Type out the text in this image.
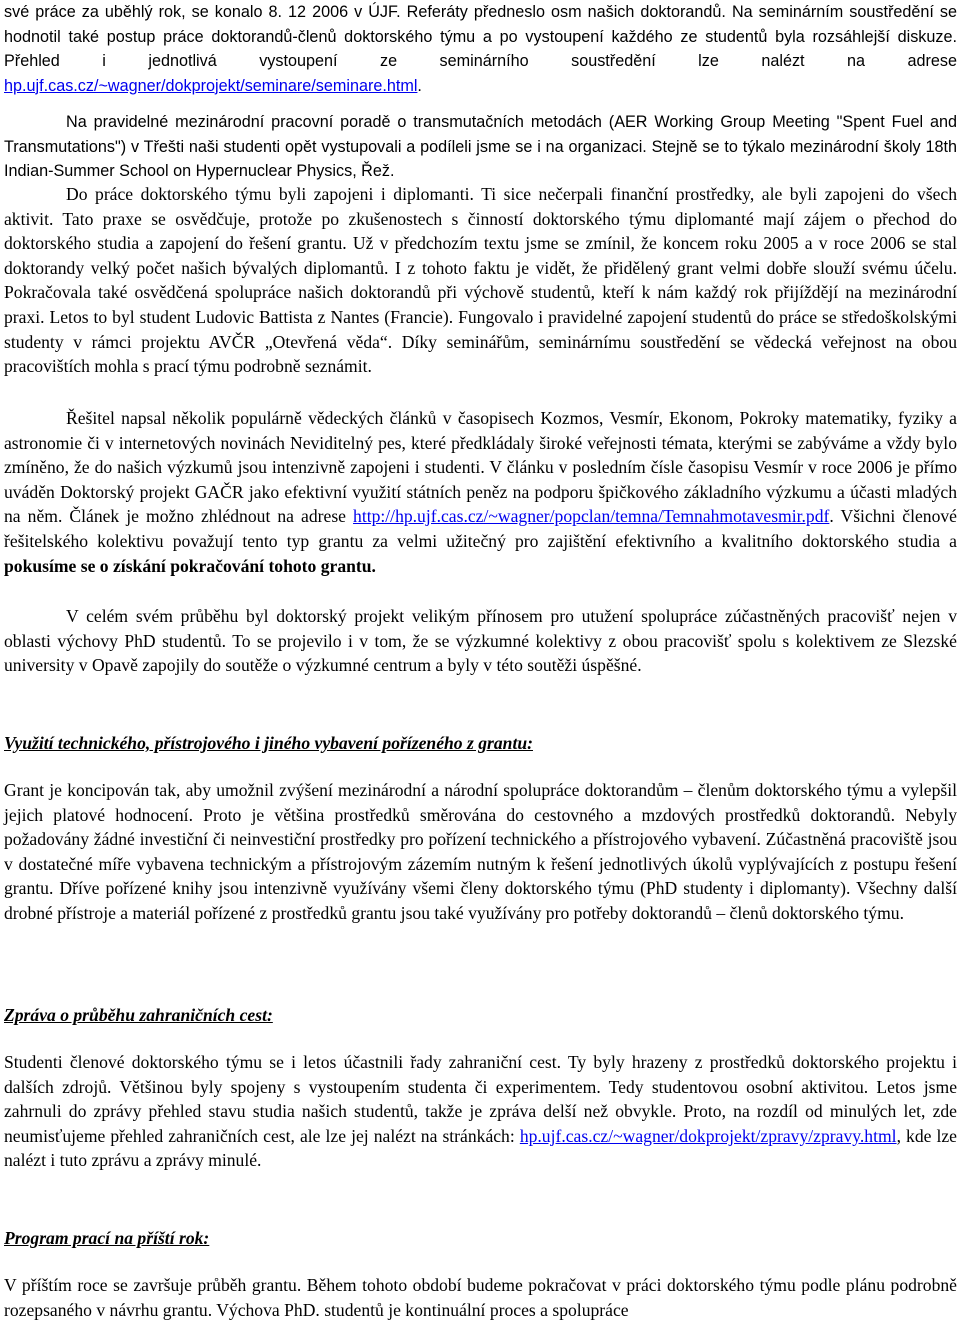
své práce za uběhlý rok, se konalo 8. 12 2006 v ÚJF. Referáty předneslo osm našich doktorandů. Na seminárním soustředění se hodnotil také postup práce doktorandů-členů doktorského týmu a po vystoupení každého ze studentů byla rozsáhlejší diskuze. Přehled i jednotlivá vystoupení ze seminárního soustředění lze nalézt na adrese hp.ujf.cas.cz/~wagner/dokprojekt/seminare/seminare.html.

Na pravidelné mezinárodní pracovní poradě o transmutačních metodách (AER Working Group Meeting "Spent Fuel and Transmutations") v Třešti naši studenti opět vystupovali a podíleli jsme se i na organizaci. Stejně se to týkalo mezinárodní školy 18th Indian-Summer School on Hypernuclear Physics, Řež.

Do práce doktorského týmu byli zapojeni i diplomanti. Ti sice nečerpali finanční prostředky, ale byli zapojeni do všech aktivit. Tato praxe se osvědčuje, protože po zkušenostech s činností doktorského týmu diplomanté mají zájem o přechod do doktorského studia a zapojení do řešení grantu. Už v předchozím textu jsme se zmínil, že koncem roku 2005 a v roce 2006 se stal doktorandy velký počet našich bývalých diplomantů. I z tohoto faktu je vidět, že přidělený grant velmi dobře slouží svému účelu. Pokračovala také osvědčená spolupráce našich doktorandů při výchově studentů, kteří k nám každý rok přijíždějí na mezinárodní praxi. Letos to byl student Ludovic Battista z Nantes (Francie). Fungovalo i pravidelné zapojení studentů do práce se středoškolskými studenty v rámci projektu AVČR „Otevřená věda“. Díky seminářům, seminárnímu soustředění se vědecká veřejnost na obou pracovištích mohla s prací týmu podrobně seznámit.

Řešitel napsal několik populárně vědeckých článků v časopisech Kozmos, Vesmír, Ekonom, Pokroky matematiky, fyziky a astronomie či v internetových novinách Neviditelný pes, které předkládaly široké veřejnosti témata, kterými se zabýváme a vždy bylo zmíněno, že do našich výzkumů jsou intenzivně zapojeni i studenti. V článku v posledním čísle časopisu Vesmír v roce 2006 je přímo uváděn Doktorský projekt GAČR jako efektivní využití státních peněz na podporu špičkového základního výzkumu a účasti mladých na něm. Článek je možno zhlédnout na adrese http://hp.ujf.cas.cz/~wagner/popclan/temna/Temnahmotavesmir.pdf. Všichni členové řešitelského kolektivu považují tento typ grantu za velmi užitečný pro zajištění efektivního a kvalitního doktorského studia a pokusíme se o získání pokračování tohoto grantu.

V celém svém průběhu byl doktorský projekt velikým přínosem pro utužení spolupráce zúčastněných pracovišť nejen v oblasti výchovy PhD studentů. To se projevilo i v tom, že se výzkumné kolektivy z obou pracovišť spolu s kolektivem ze Slezské university v Opavě zapojily do soutěže o výzkumné centrum a byly v této soutěži úspěšné.

Využití technického, přístrojového i jiného vybavení pořízeného z grantu:

Grant je koncipován tak, aby umožnil zvýšení mezinárodní a národní spolupráce doktorandům – členům doktorského týmu a vylepšil jejich platové hodnocení. Proto je většina prostředků směrována do cestovného a mzdových prostředků doktorandů. Nebyly požadovány žádné investiční či neinvestiční prostředky pro pořízení technického a přístrojového vybavení. Zúčastněná pracoviště jsou v dostatečné míře vybavena technickým a přístrojovým zázemím nutným k řešení jednotlivých úkolů vyplývajících z postupu řešení grantu. Dříve pořízené knihy jsou intenzivně využívány všemi členy doktorského týmu (PhD studenty i diplomanty). Všechny další drobné přístroje a materiál pořízené z prostředků grantu jsou také využívány pro potřeby doktorandů – členů doktorského týmu.

Zpráva o průběhu zahraničních cest:

Studenti členové doktorského týmu se i letos účastnili řady zahraniční cest. Ty byly hrazeny z prostředků doktorského projektu i dalších zdrojů. Většinou byly spojeny s vystoupením studenta či experimentem. Tedy studentovou osobní aktivitou. Letos jsme zahrnuli do zprávy přehled stavu studia našich studentů, takže je zpráva delší než obvykle. Proto, na rozdíl od minulých let, zde neumisťujeme přehled zahraničních cest, ale lze jej nalézt na stránkách: hp.ujf.cas.cz/~wagner/dokprojekt/zpravy/zpravy.html, kde lze nalézt i tuto zprávu a zprávy minulé.

Program prací na příští rok:

V příštím roce se završuje průběh grantu. Během tohoto období budeme pokračovat v práci doktorského týmu podle plánu podrobně rozepsaného v návrhu grantu. Výchova PhD. studentů je kontinuální proces a spolupráce
